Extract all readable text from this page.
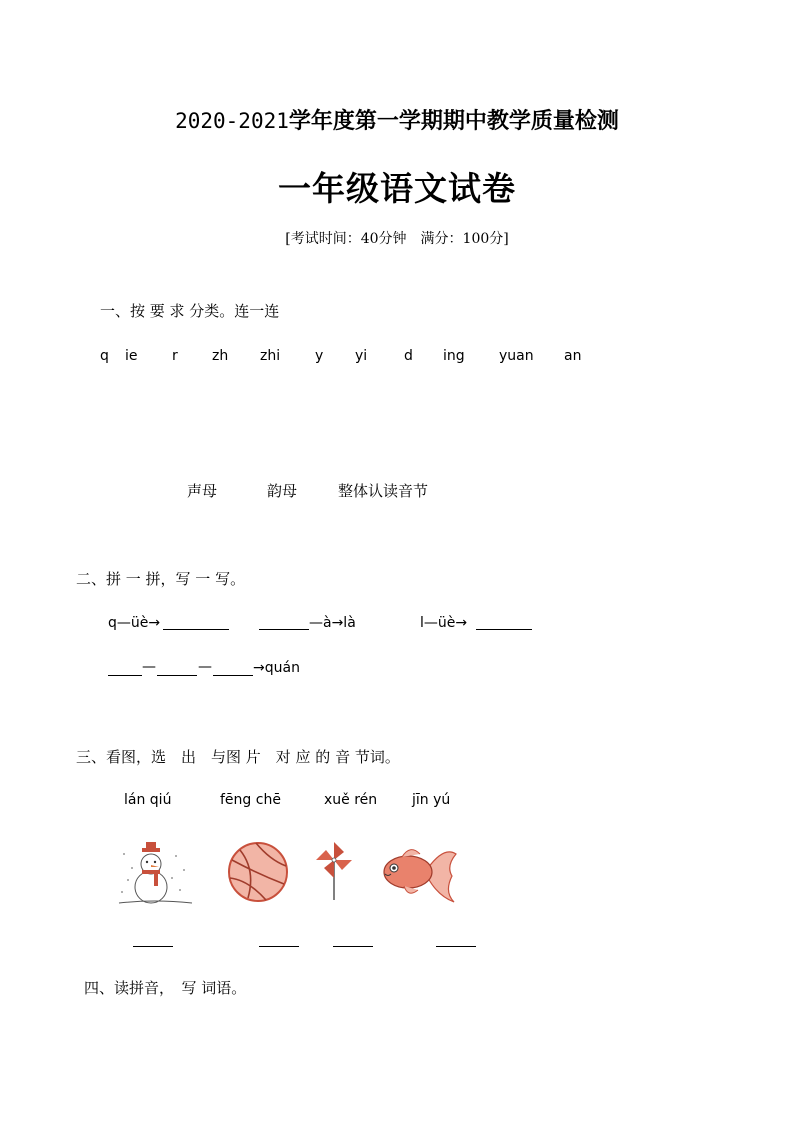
2020-2021学年度第一学期期中教学质量检测
一年级语文试卷
[考试时间：40分钟　满分：100分]
一、按 要 求 分类。连一连
q ie r zh zhi y yi	d ing yuan an
声母	韵母	整体认读音节
二、拼 一 拼，写 一 写。
q—üè→	—à→là	l—üè→
—	—	→quán
三、看图，选　出　与图 片　对 应 的 音 节词。
lán qiú	fēng chē	xuě rén jīn yú
四、读拼音，　写 词语。
